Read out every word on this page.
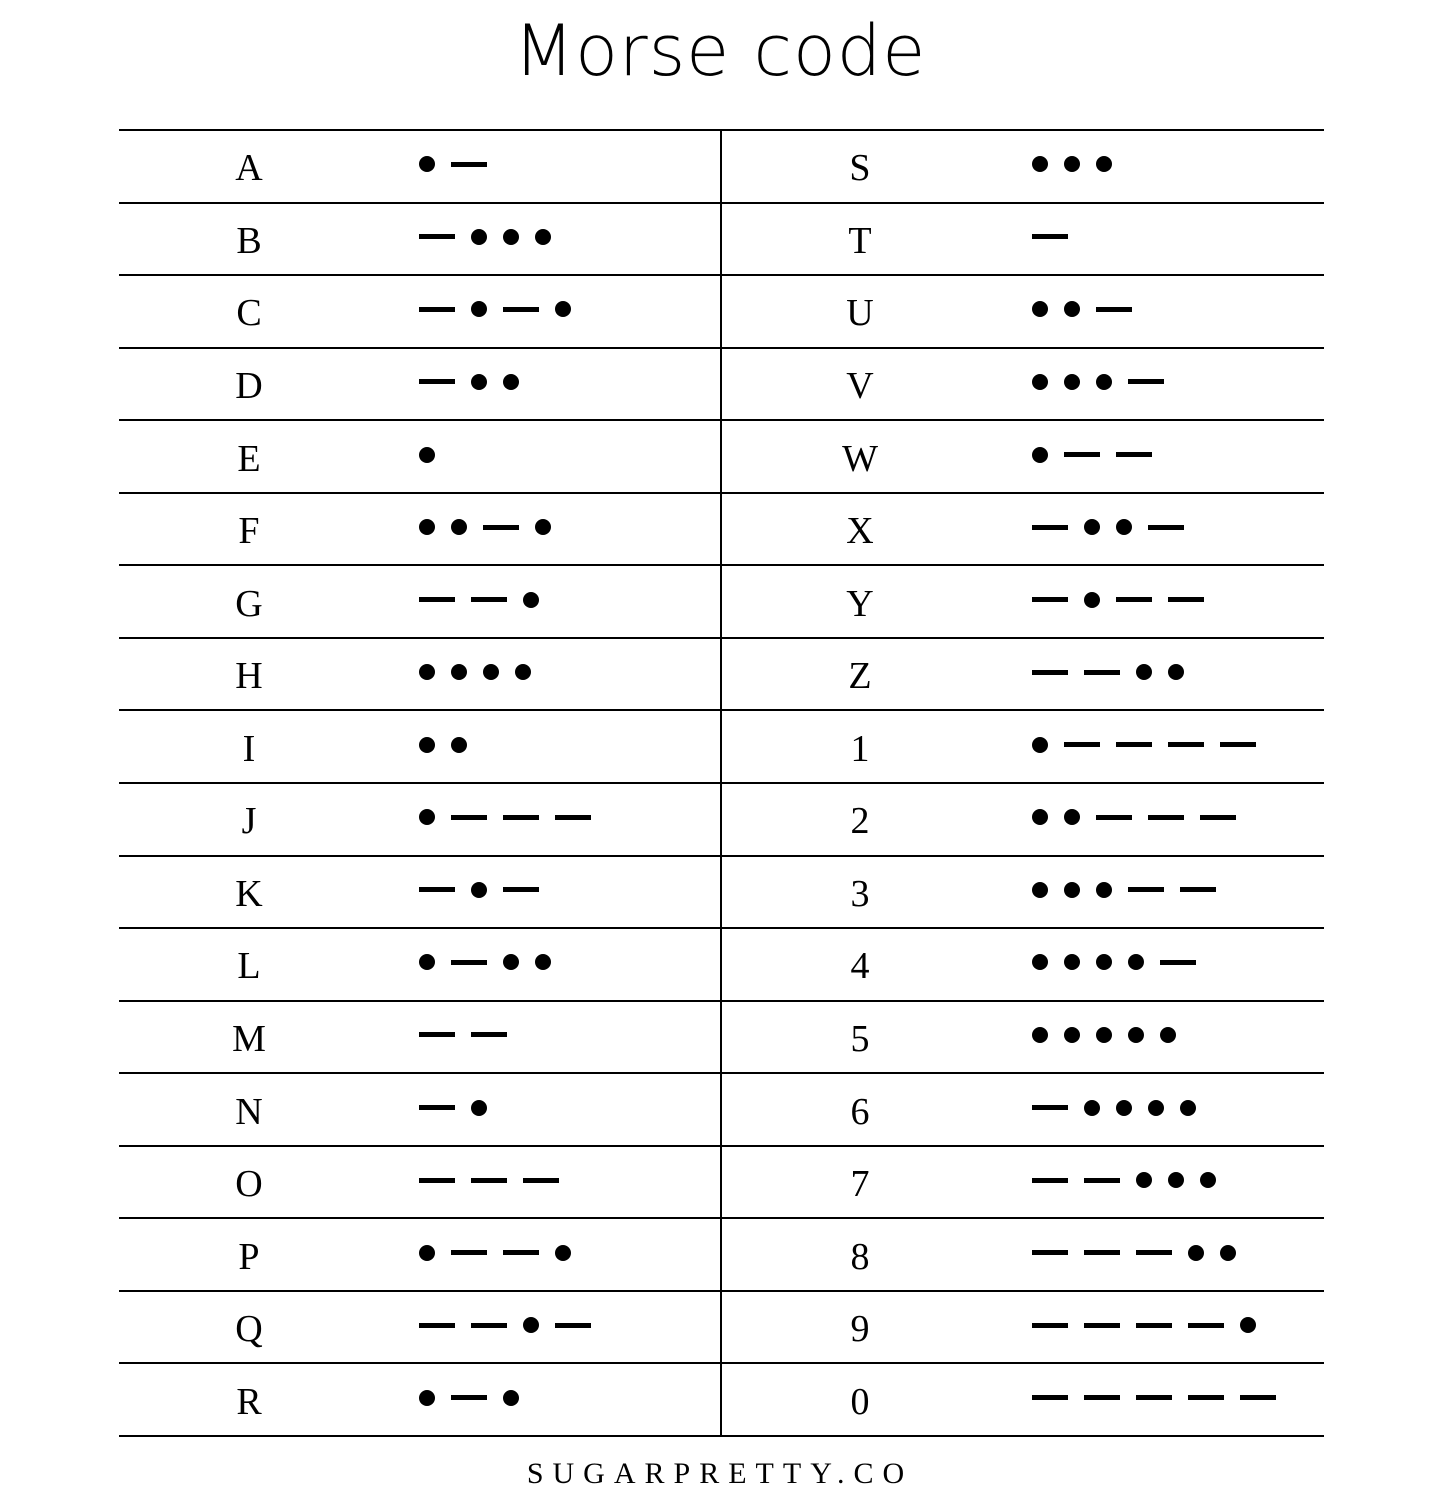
Morse code
A
B
C
D
E
F
G
H
I
J
K
L
M
N
O
P
Q
R
S
T
U
V
W
X
Y
Z
1
2
3
4
5
6
7
8
9
0
SUGARPRETTY.CO
